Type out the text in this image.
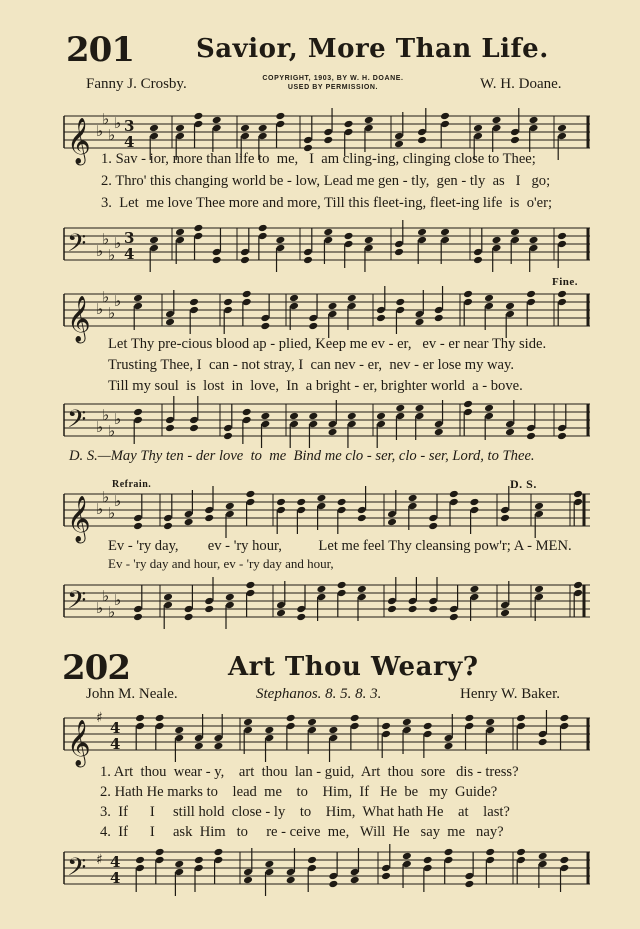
201 Savior, More Than Life.
Fanny J. Crosby.	COPYRIGHT, 1903, BY W. H. DOANE.
USED BY PERMISSION.	W. H. Doane.
𝄞 ♭
♭
♭
♭ 3
4
1. Sav - ior, more than life to  me,   I  am cling-ing, clinging close to Thee;
2. Thro' this changing world be - low, Lead me gen - tly,  gen - tly  as   I   go;
3.  Let  me love Thee more and more, Till this fleet-ing, fleet-ing life  is  o'er;
𝄢 ♭
♭
♭
♭ 3
4
Fine.
𝄞 ♭
♭
♭
♭
Let Thy pre-cious blood ap - plied, Keep me ev - er,   ev - er near Thy side.
Trusting Thee, I  can - not stray, I  can nev - er,  nev - er lose my way.
Till my soul  is  lost  in  love,  In  a bright - er, brighter world  a - bove.
𝄢 ♭
♭
♭
♭
D. S.—May Thy ten - der love  to  me  Bind me clo - ser, clo - ser, Lord, to Thee.
Refrain.	D. S.
𝄞 ♭
♭
♭
♭
Ev - 'ry day,        ev - 'ry hour,          Let me feel Thy cleansing pow'r; A - MEN.
Ev - 'ry day and hour, ev - 'ry day and hour,
𝄢 ♭
♭
♭
♭
202	Art Thou Weary?
John M. Neale.	Stephanos. 8. 5. 8. 3.	Henry W. Baker.
𝄞
♯
4
4
1. Art  thou  wear - y,    art  thou  lan - guid,  Art  thou  sore   dis - tress?
2. Hath He marks to    lead  me    to    Him,  If   He  be   my  Guide?
3.  If      I     still hold  close - ly    to    Him,  What hath He    at    last?
4.  If      I     ask  Him   to     re - ceive  me,   Will  He   say  me   nay?
𝄢 ♯ 4
4
